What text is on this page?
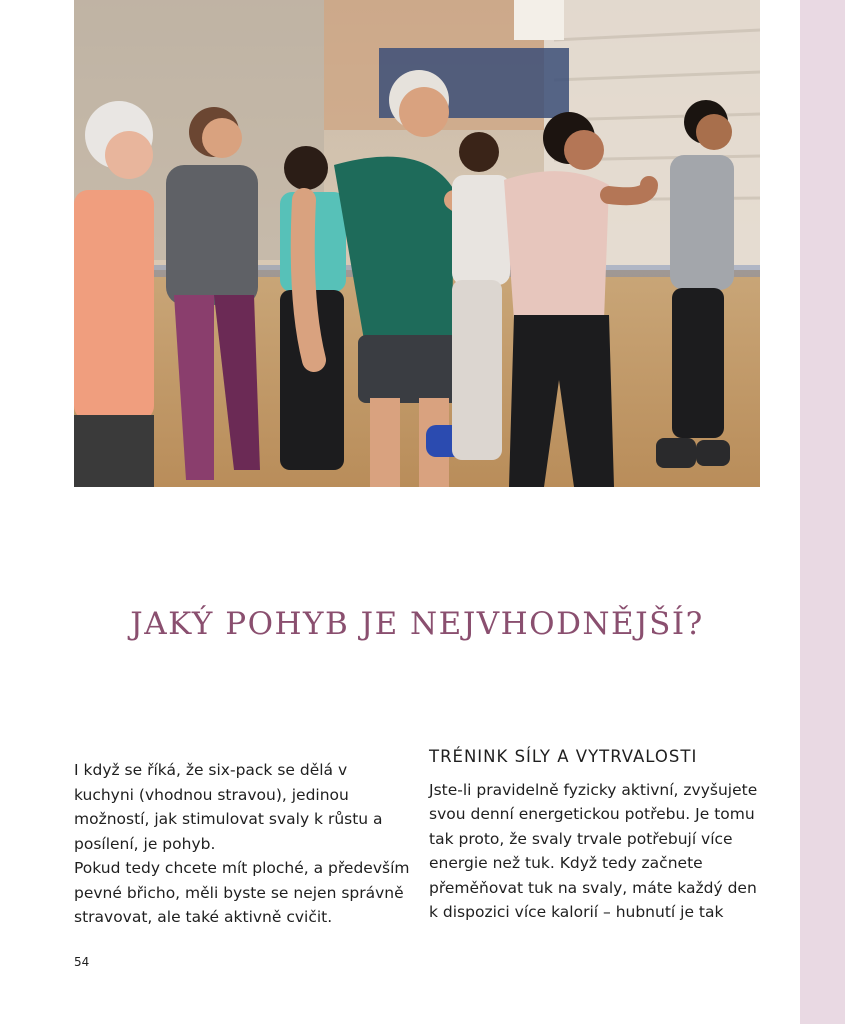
JAKÝ POHYB JE NEJVHODNĚJŠÍ?

I když se říká, že six-pack se dělá v kuchyni (vhodnou stravou), jedinou možností, jak stimulovat svaly k růstu a posílení, je pohyb.

Pokud tedy chcete mít ploché, a především pevné břicho, měli byste se nejen správně stravovat, ale také aktivně cvičit.

TRÉNINK SÍLY A VYTRVALOSTI

Jste-li pravidelně fyzicky aktivní, zvyšujete svou denní energetickou potřebu. Je tomu tak proto, že svaly trvale potřebují více energie než tuk. Když tedy začnete přeměňovat tuk na svaly, máte každý den k dispozici více kalorií – hubnutí je tak

54
